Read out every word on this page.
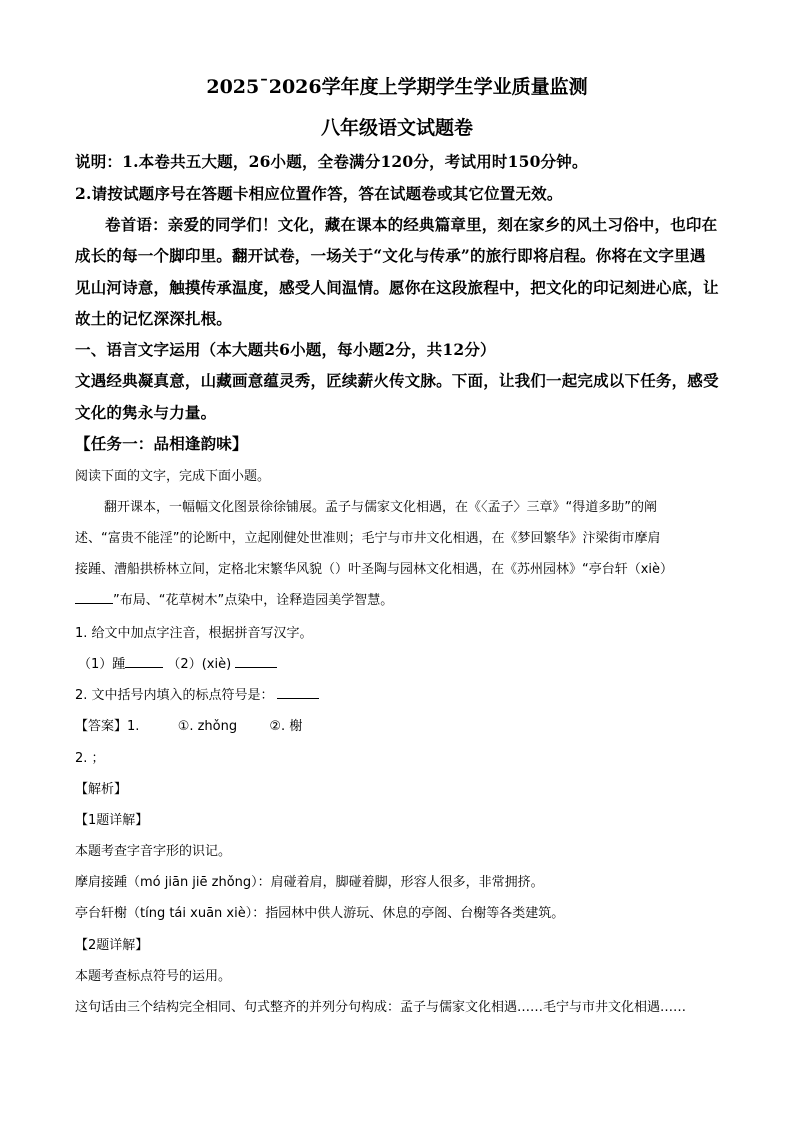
2025¯2026学年度上学期学生学业质量监测
八年级语文试题卷
说明：1.本卷共五大题，26小题，全卷满分120分，考试用时150分钟。
2.请按试题序号在答题卡相应位置作答，答在试题卷或其它位置无效。
卷首语：亲爱的同学们！文化，藏在课本的经典篇章里，刻在家乡的风土习俗中，也印在
成长的每一个脚印里。翻开试卷，一场关于“文化与传承”的旅行即将启程。你将在文字里遇
见山河诗意，触摸传承温度，感受人间温情。愿你在这段旅程中，把文化的印记刻进心底，让
故土的记忆深深扎根。
一、语言文字运用（本大题共6小题，每小题2分，共12分）
文遇经典凝真意，山藏画意蕴灵秀，匠续薪火传文脉。下面，让我们一起完成以下任务，感受
文化的隽永与力量。
【任务一：品相逢韵味】
阅读下面的文字，完成下面小题。
翻开课本，一幅幅文化图景徐徐铺展。孟子与儒家文化相遇，在《〈孟子〉三章》“得道多助”的阐
述、“富贵不能淫”的论断中，立起刚健处世准则；毛宁与市井文化相遇，在《梦回繁华》汴梁街市摩肩
接踵、漕船拱桥林立间，定格北宋繁华风貌（）叶圣陶与园林文化相遇，在《苏州园林》“亭台轩（xiè）
”布局、“花草树木”点染中，诠释造园美学智慧。
1. 给文中加点字注音，根据拼音写汉字。
（1）踵	（2）(xiè)
2. 文中括号内填入的标点符号是：
【答案】1.	①. zhǒng ②. 榭
2. ；
【解析】
【1题详解】
本题考查字音字形的识记。
摩肩接踵（mó jiān jiē zhǒng）：肩碰着肩，脚碰着脚，形容人很多，非常拥挤。
亭台轩榭（tíng tái xuān xiè）：指园林中供人游玩、休息的亭阁、台榭等各类建筑。
【2题详解】
本题考查标点符号的运用。
这句话由三个结构完全相同、句式整齐的并列分句构成：孟子与儒家文化相遇……毛宁与市井文化相遇……
